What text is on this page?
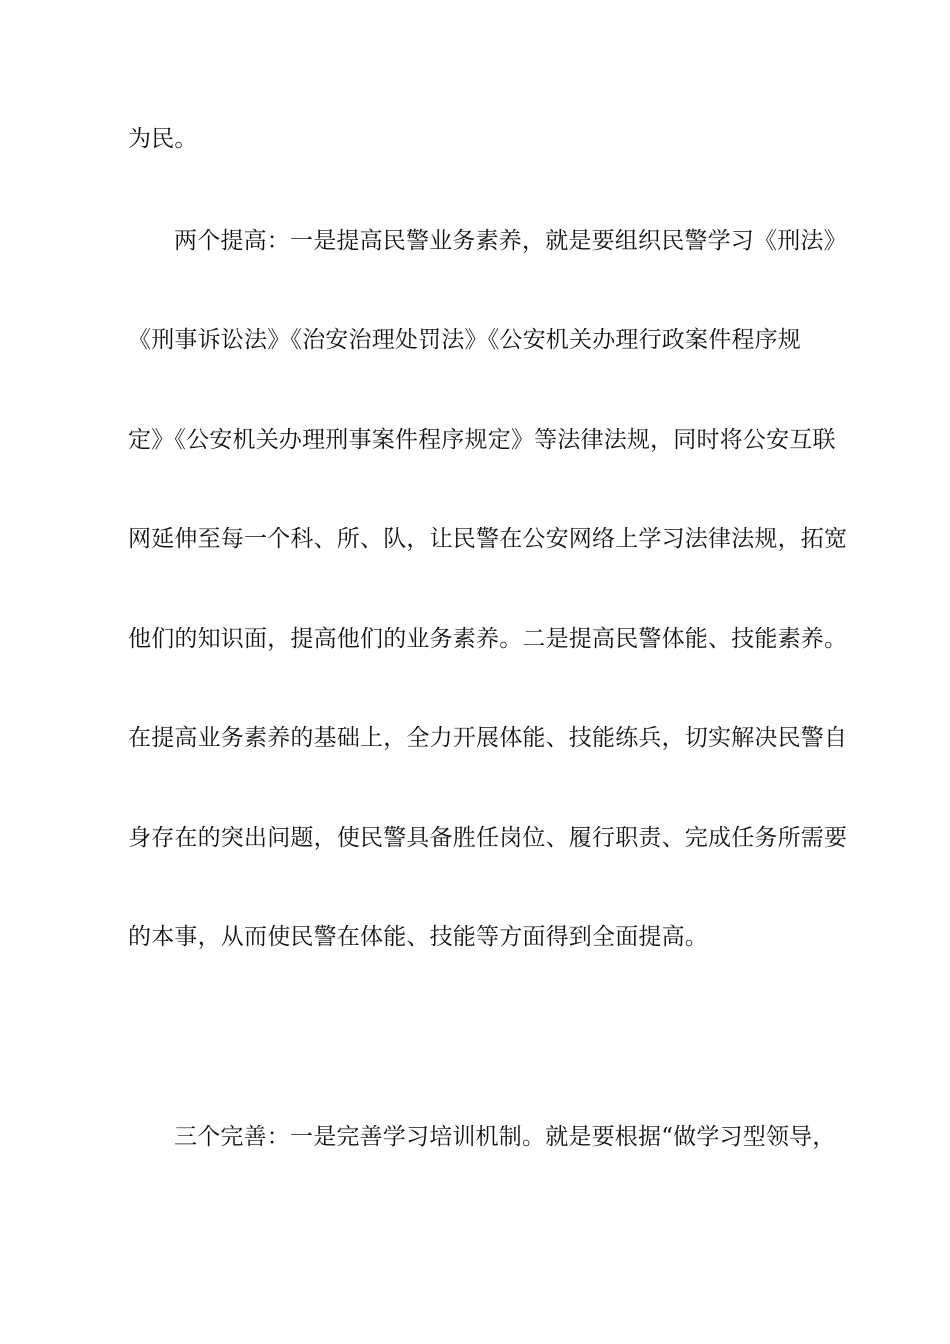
为民。
两个提高：一是提高民警业务素养，就是要组织民警学习《刑法》
《刑事诉讼法》《治安治理处罚法》《公安机关办理行政案件程序规
定》《公安机关办理刑事案件程序规定》等法律法规，同时将公安互联
网延伸至每一个科、所、队，让民警在公安网络上学习法律法规，拓宽
他们的知识面，提高他们的业务素养。二是提高民警体能、技能素养。
在提高业务素养的基础上，全力开展体能、技能练兵，切实解决民警自
身存在的突出问题，使民警具备胜任岗位、履行职责、完成任务所需要
的本事，从而使民警在体能、技能等方面得到全面提高。
三个完善：一是完善学习培训机制。就是要根据“做学习型领导，
